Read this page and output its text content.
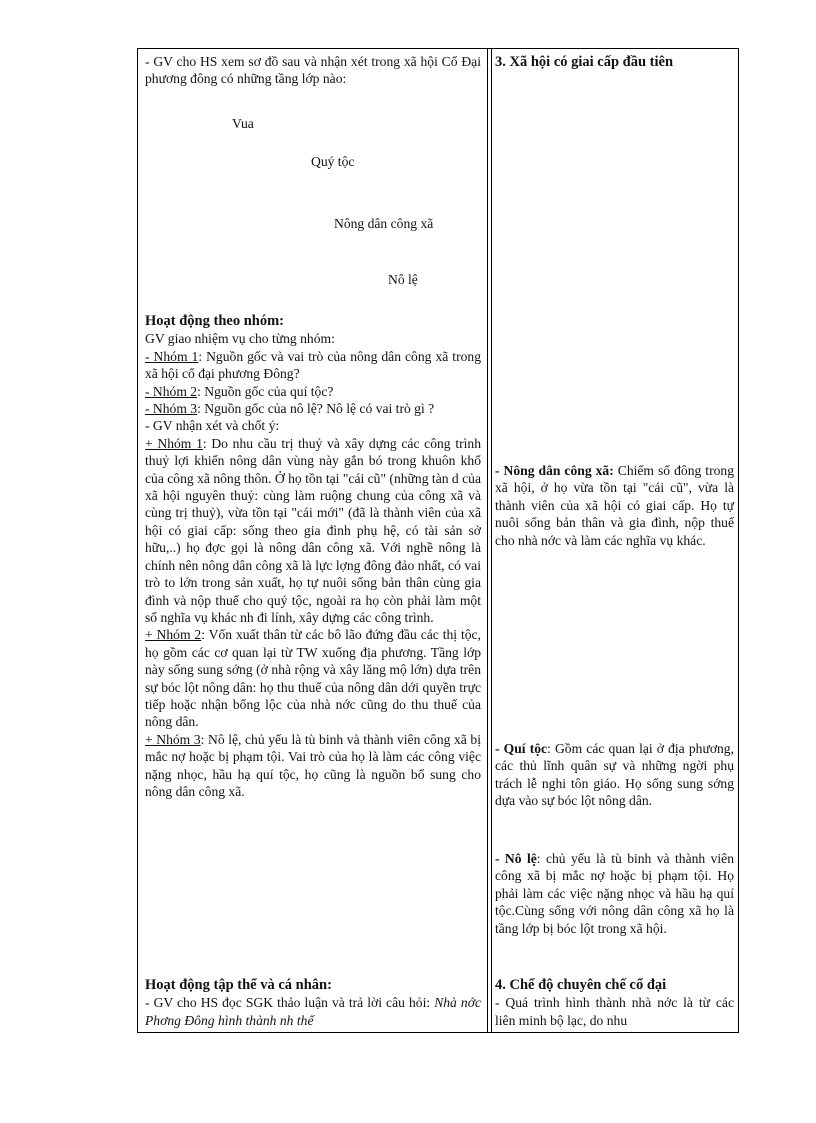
- GV cho HS xem sơ đồ sau và nhận xét trong xã hội Cổ Đại phương đông có những tầng lớp nào:

Vua
Quý tộc
Nông dân công xã
Nô lệ

Hoạt động theo nhóm:

GV giao nhiệm vụ cho từng nhóm:

- Nhóm 1: Nguồn gốc và vai trò của nông dân công xã trong xã hội cổ đại phương Đông?

- Nhóm 2: Nguồn gốc của quí tộc?

- Nhóm 3: Nguồn gốc của nô lệ? Nô lệ có vai trò gì ?

- GV nhận xét và chốt ý:

+ Nhóm 1: Do nhu cầu trị thuỷ và xây dựng các công trình thuỷ lợi khiến nông dân vùng này gắn bó trong khuôn khổ của công xã nông thôn. Ở họ tồn tại "cái cũ" (những tàn d của xã hội nguyên thuỷ: cùng làm ruộng chung của công xã và cùng trị thuỷ), vừa tồn tại "cái mới" (đã là thành viên của xã hội có giai cấp: sống theo gia đình phụ hệ, có tài sản sở hữu,..) họ đợc gọi là nông dân công xã. Với nghề nông là chính nên nông dân công xã là lực lợng đông đảo nhất, có vai trò to lớn trong sản xuất, họ tự nuôi sống bản thân cùng gia đình và nộp thuế cho quý tộc, ngoài ra họ còn phải làm một số nghĩa vụ khác nh đi lính, xây dựng các công trình.

+ Nhóm 2: Vốn xuất thân từ các bô lão đứng đầu các thị tộc, họ gồm các cơ quan lại từ TW xuống địa phương. Tầng lớp này sống sung sớng (ở nhà rộng và xây lăng mộ lớn) dựa trên sự bóc lột nông dân: họ thu thuế của nông dân dới quyền trực tiếp hoặc nhận bổng lộc của nhà nớc cũng do thu thuế của nông dân.

+ Nhóm 3: Nô lệ, chủ yếu là tù binh và thành viên công xã bị mắc nợ hoặc bị phạm tội. Vai trò của họ là làm các công việc nặng nhọc, hầu hạ quí tộc, họ cũng là nguồn bổ sung cho nông dân công xã.

Hoạt động tập thể và cá nhân:

- GV cho HS đọc SGK thảo luận và trả lời câu hỏi: Nhà nớc Phơng Đông hình thành nh thế

3. Xã hội có giai cấp đầu tiên

- Nông dân công xã: Chiếm số đông trong xã hội, ở họ vừa tồn tại "cái cũ", vừa là thành viên của xã hội có giai cấp. Họ tự nuôi sống bản thân và gia đình, nộp thuế cho nhà nớc và làm các nghĩa vụ khác.

- Quí tộc: Gồm các quan lại ở địa phương, các thủ lĩnh quân sự và những ngời phụ trách lễ nghi tôn giáo. Họ sống sung sớng dựa vào sự bóc lột nông dân.

- Nô lệ: chủ yếu là tù binh và thành viên công xã bị mắc nợ hoặc bị phạm tội. Họ phải làm các việc nặng nhọc và hầu hạ quí tộc.Cùng sống với nông dân công xã họ là tầng lớp bị bóc lột trong xã hội.

4. Chế độ chuyên chế cổ đại

- Quá trình hình thành nhà nớc là từ các liên minh bộ lạc, do nhu
